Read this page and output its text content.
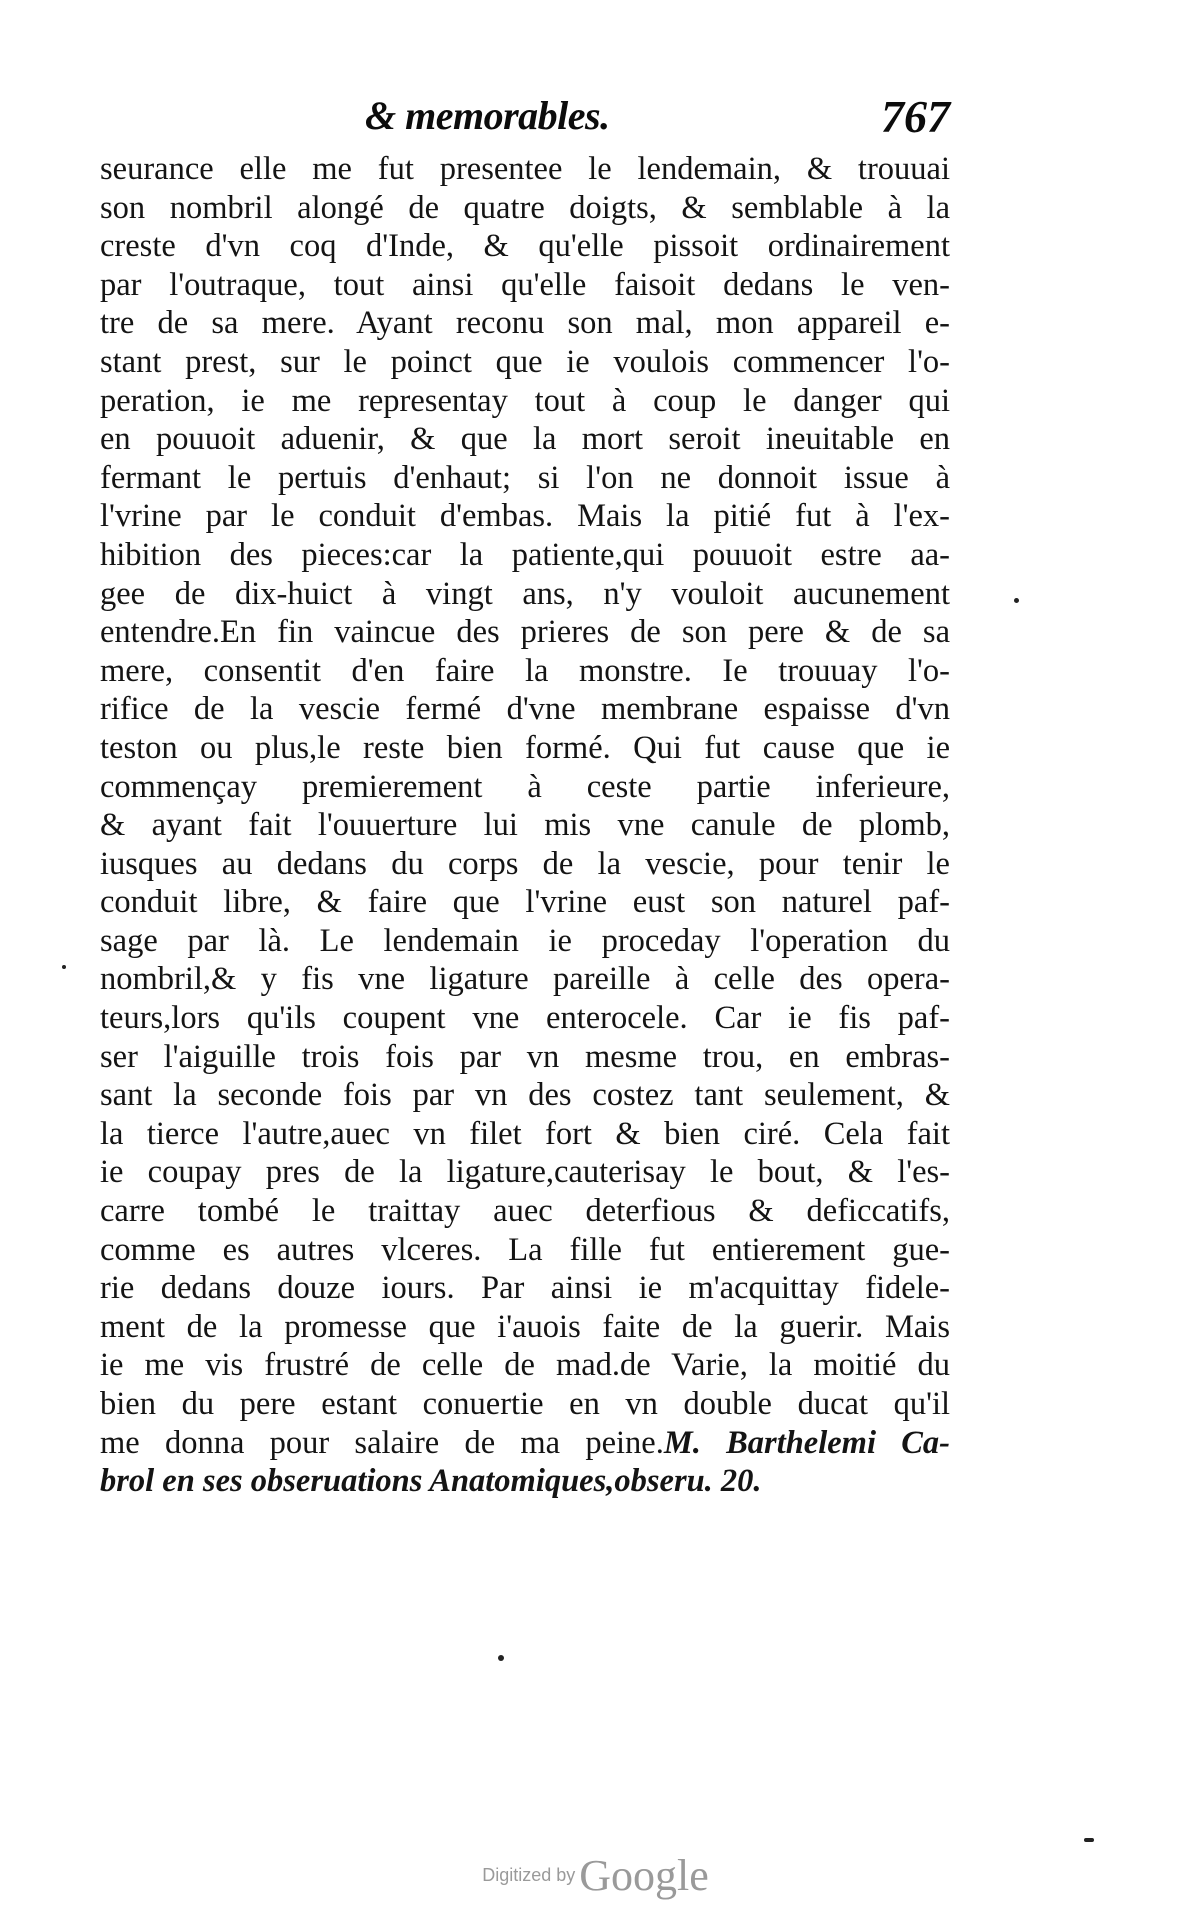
& memorables.	767
seurance elle me fut presentee le lendemain, & trouuai
son nombril alongé de quatre doigts, & semblable à la
creste d'vn coq d'Inde, & qu'elle pissoit ordinairement
par l'outraque, tout ainsi qu'elle faisoit dedans le ven-
tre de sa mere. Ayant reconu son mal, mon appareil e-
stant prest, sur le poinct que ie voulois commencer l'o-
peration, ie me representay tout à coup le danger qui
en pouuoit aduenir, & que la mort seroit ineuitable en
fermant le pertuis d'enhaut; si l'on ne donnoit issue à
l'vrine par le conduit d'embas. Mais la pitié fut à l'ex-
hibition des pieces:car la patiente,qui pouuoit estre aa-
gee de dix-huict à vingt ans, n'y vouloit aucunement
entendre.En fin vaincue des prieres de son pere & de sa
mere, consentit d'en faire la monstre. Ie trouuay l'o-
rifice de la vescie fermé d'vne membrane espaisse d'vn
teston ou plus,le reste bien formé. Qui fut cause que ie
commençay premierement à ceste partie inferieure,
& ayant fait l'ouuerture lui mis vne canule de plomb,
iusques au dedans du corps de la vescie, pour tenir le
conduit libre, & faire que l'vrine eust son naturel paf-
sage par là. Le lendemain ie proceday l'operation du
nombril,& y fis vne ligature pareille à celle des opera-
teurs,lors qu'ils coupent vne enterocele. Car ie fis paf-
ser l'aiguille trois fois par vn mesme trou, en embras-
sant la seconde fois par vn des costez tant seulement, &
la tierce l'autre,auec vn filet fort & bien ciré. Cela fait
ie coupay pres de la ligature,cauterisay le bout, & l'es-
carre tombé le traittay auec deterfious & deficcatifs,
comme es autres vlceres. La fille fut entierement gue-
rie dedans douze iours. Par ainsi ie m'acquittay fidele-
ment de la promesse que i'auois faite de la guerir. Mais
ie me vis frustré de celle de mad.de Varie, la moitié du
bien du pere estant conuertie en vn double ducat qu'il
me donna pour salaire de ma peine.M. Barthelemi Ca-
brol en ses obseruations Anatomiques,obseru. 20.
Digitized byGoogle
